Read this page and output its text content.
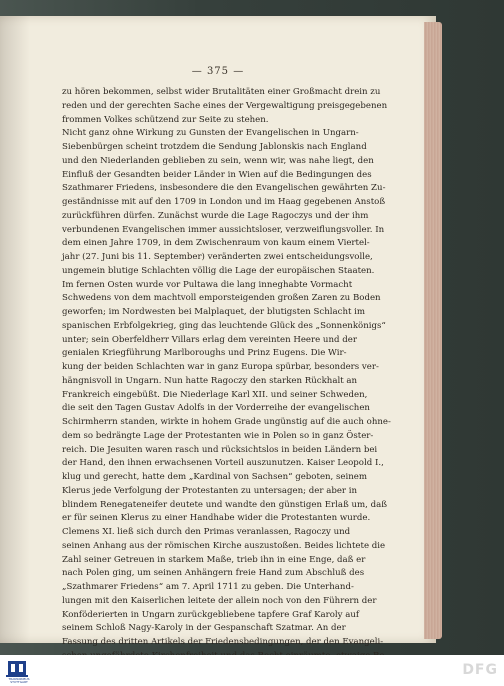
— 375 —
zu hören bekommen, selbst wider Brutalitäten einer Großmacht drein zu
reden und der gerechten Sache eines der Vergewaltigung preisgegebenen
frommen Volkes schützend zur Seite zu stehen.
Nicht ganz ohne Wirkung zu Gunsten der Evangelischen in Ungarn-
Siebenbürgen scheint trotzdem die Sendung Jablonskis nach England
und den Niederlanden geblieben zu sein, wenn wir, was nahe liegt, den
Einfluß der Gesandten beider Länder in Wien auf die Bedingungen des
Szathmarer Friedens, insbesondere die den Evangelischen gewährten Zu-
geständnisse mit auf den 1709 in London und im Haag gegebenen Anstoß
zurückführen dürfen. Zunächst wurde die Lage Ragoczys und der ihm
verbundenen Evangelischen immer aussichtsloser, verzweiflungsvoller. In
dem einen Jahre 1709, in dem Zwischenraum von kaum einem Viertel-
jahr (27. Juni bis 11. September) veränderten zwei entscheidungsvolle,
ungemein blutige Schlachten völlig die Lage der europäischen Staaten.
Im fernen Osten wurde vor Pultawa die lang inneghabte Vormacht
Schwedens von dem machtvoll emporsteigenden großen Zaren zu Boden
geworfen; im Nordwesten bei Malplaquet, der blutigsten Schlacht im
spanischen Erbfolgekrieg, ging das leuchtende Glück des „Sonnenkönigs“
unter; sein Oberfeldherr Villars erlag dem vereinten Heere und der
genialen Kriegführung Marlboroughs und Prinz Eugens. Die Wir-
kung der beiden Schlachten war in ganz Europa spürbar, besonders ver-
hängnisvoll in Ungarn. Nun hatte Ragoczy den starken Rückhalt an
Frankreich eingebüßt. Die Niederlage Karl XII. und seiner Schweden,
die seit den Tagen Gustav Adolfs in der Vorderreihe der evangelischen
Schirmherrn standen, wirkte in hohem Grade ungünstig auf die auch ohne-
dem so bedrängte Lage der Protestanten wie in Polen so in ganz Öster-
reich. Die Jesuiten waren rasch und rücksichtslos in beiden Ländern bei
der Hand, den ihnen erwachsenen Vorteil auszunutzen. Kaiser Leopold I.,
klug und gerecht, hatte dem „Kardinal von Sachsen“ geboten, seinem
Klerus jede Verfolgung der Protestanten zu untersagen; der aber in
blindem Renegateneifer deutete und wandte den günstigen Erlaß um, daß
er für seinen Klerus zu einer Handhabe wider die Protestanten wurde.
Clemens XI. ließ sich durch den Primas veranlassen, Ragoczy und
seinen Anhang aus der römischen Kirche auszustoßen. Beides lichtete die
Zahl seiner Getreuen in starkem Maße, trieb ihn in eine Enge, daß er
nach Polen ging, um seinen Anhängern freie Hand zum Abschluß des
„Szathmarer Friedens“ am 7. April 1711 zu geben. Die Unterhand-
lungen mit den Kaiserlichen leitete der allein noch von den Führern der
Konföderierten in Ungarn zurückgebliebene tapfere Graf Karoly auf
seinem Schloß Nagy-Karoly in der Gespanschaft Szatmar. An der
Fassung des dritten Artikels der Friedensbedingungen, der den Evangeli-
TRANSKRIBUS STUTTGART
DFG
